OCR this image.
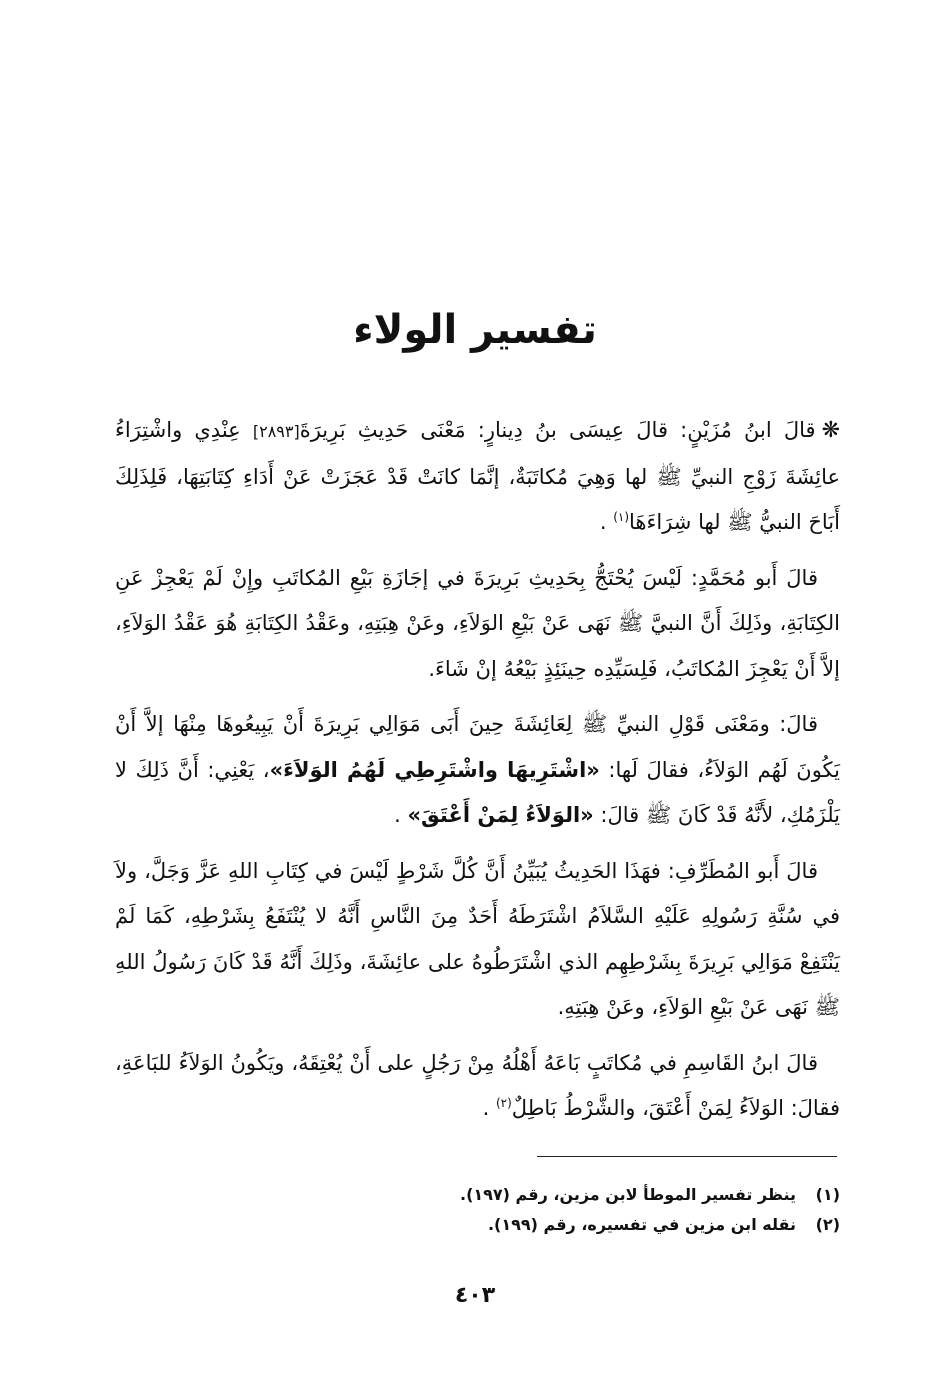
تفسير الولاء

❋قالَ ابنُ مُزَيْنٍ: قالَ عِيسَى بنُ دِينارٍ: مَعْنَى حَدِيثِ بَرِيرَةَ[٢٨٩٣] عِنْدِي واشْتِرَاءُ عائِشَةَ زَوْجِ النبيِّ ﷺ لها وَهِيَ مُكاتَبَةٌ، إنَّمَا كانَتْ قَدْ عَجَزَتْ عَنْ أَدَاءِ كِتَابَتِهَا، فَلِذَلِكَ أَبَاحَ النبيُّ ﷺ لها شِرَاءَهَا$^{(١)}$ .

قالَ أَبو مُحَمَّدٍ: لَيْسَ يُحْتَجُّ بِحَدِيثِ بَرِيرَةَ في إجَازَةِ بَيْعِ المُكاتَبِ وإِنْ لَمْ يَعْجِزْ عَنِ الكِتَابَةِ، وذَلِكَ أَنَّ النبيَّ ﷺ نَهَى عَنْ بَيْعِ الوَلاَءِ، وعَنْ هِبَتِهِ، وعَقْدُ الكِتَابَةِ هُوَ عَقْدُ الوَلاَءِ، إلاَّ أَنْ يَعْجِزَ المُكاتَبُ، فَلِسَيِّدِه حِينَئِذٍ بَيْعُهُ إنْ شَاءَ.

قالَ: ومَعْنَى قَوْلِ النبيِّ ﷺ لِعَائِشَةَ حِينَ أَبَى مَوَالِي بَرِيرَةَ أَنْ يَبِيعُوهَا مِنْهَا إلاَّ أَنْ يَكُونَ لَهُم الوَلاَءُ، فقالَ لَها: «اشْتَرِيهَا واشْتَرِطِي لَهُمُ الوَلاَءَ»، يَعْنِي: أَنَّ ذَلِكَ لا يَلْزَمُكِ، لأَنَّهُ قَدْ كَانَ ﷺ قالَ: «الوَلاَءُ لِمَنْ أَعْتَقَ» .

قالَ أَبو المُطَرِّفِ: فهَذَا الحَدِيثُ يُبَيِّنُ أَنَّ كُلَّ شَرْطٍ لَيْسَ في كِتَابِ اللهِ عَزَّ وَجَلَّ، ولاَ في سُنَّةِ رَسُولِهِ عَلَيْهِ السَّلاَمُ اشْتَرَطَهُ أَحَدٌ مِنَ النَّاسِ أَنَّهُ لا يُنْتَفَعُ بِشَرْطِهِ، كَمَا لَمْ يَنْتَفِعْ مَوَالِي بَرِيرَةَ بِشَرْطِهِم الذي اشْتَرَطُوهُ على عائِشَةَ، وذَلِكَ أَنَّهُ قَدْ كَانَ رَسُولُ اللهِ ﷺ نَهَى عَنْ بَيْعِ الوَلاَءِ، وعَنْ هِبَتِهِ.

قالَ ابنُ القَاسِمِ في مُكاتَبٍ بَاعَهُ أَهْلُهُ مِنْ رَجُلٍ على أَنْ يُعْتِقَهُ، ويَكُونُ الوَلاَءُ للبَاعَةِ، فقالَ: الوَلاَءُ لِمَنْ أَعْتَقَ، والشَّرْطُ بَاطِلٌ$^{(٢)}$ .

(١)ينظر تفسير الموطأ لابن مزين، رقم (١٩٧).
(٢)نقله ابن مزين في تفسيره، رقم (١٩٩).
٤٠٣
